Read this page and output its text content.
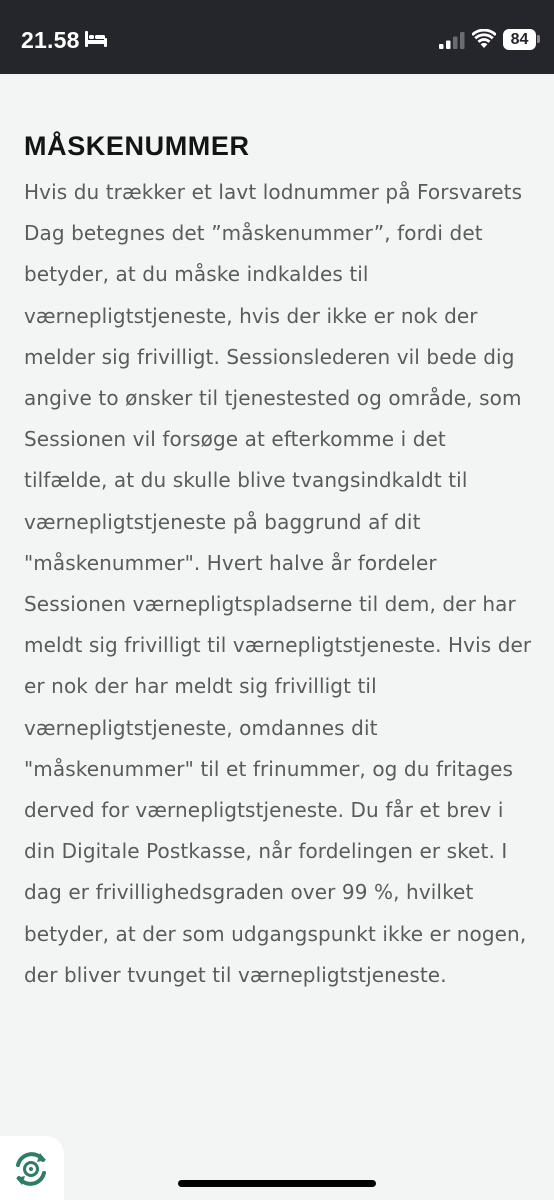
21.58	84
MÅSKENUMMER

Hvis du trækker et lavt lodnummer på Forsvarets Dag betegnes det ”måskenummer”, fordi det betyder, at du måske indkaldes til værnepligtstjeneste, hvis der ikke er nok der melder sig frivilligt. Sessionslederen vil bede dig angive to ønsker til tjenestested og område, som Sessionen vil forsøge at efterkomme i det tilfælde, at du skulle blive tvangsindkaldt til værnepligtstjeneste på baggrund af dit "måskenummer". Hvert halve år fordeler Sessionen værnepligtspladserne til dem, der har meldt sig frivilligt til værnepligtstjeneste. Hvis der er nok der har meldt sig frivilligt til værnepligtstjeneste, omdannes dit "måskenummer" til et frinummer, og du fritages derved for værnepligtstjeneste. Du får et brev i din Digitale Postkasse, når fordelingen er sket. I dag er frivillighedsgraden over 99 %, hvilket betyder, at der som udgangspunkt ikke er nogen, der bliver tvunget til værnepligtstjeneste.
